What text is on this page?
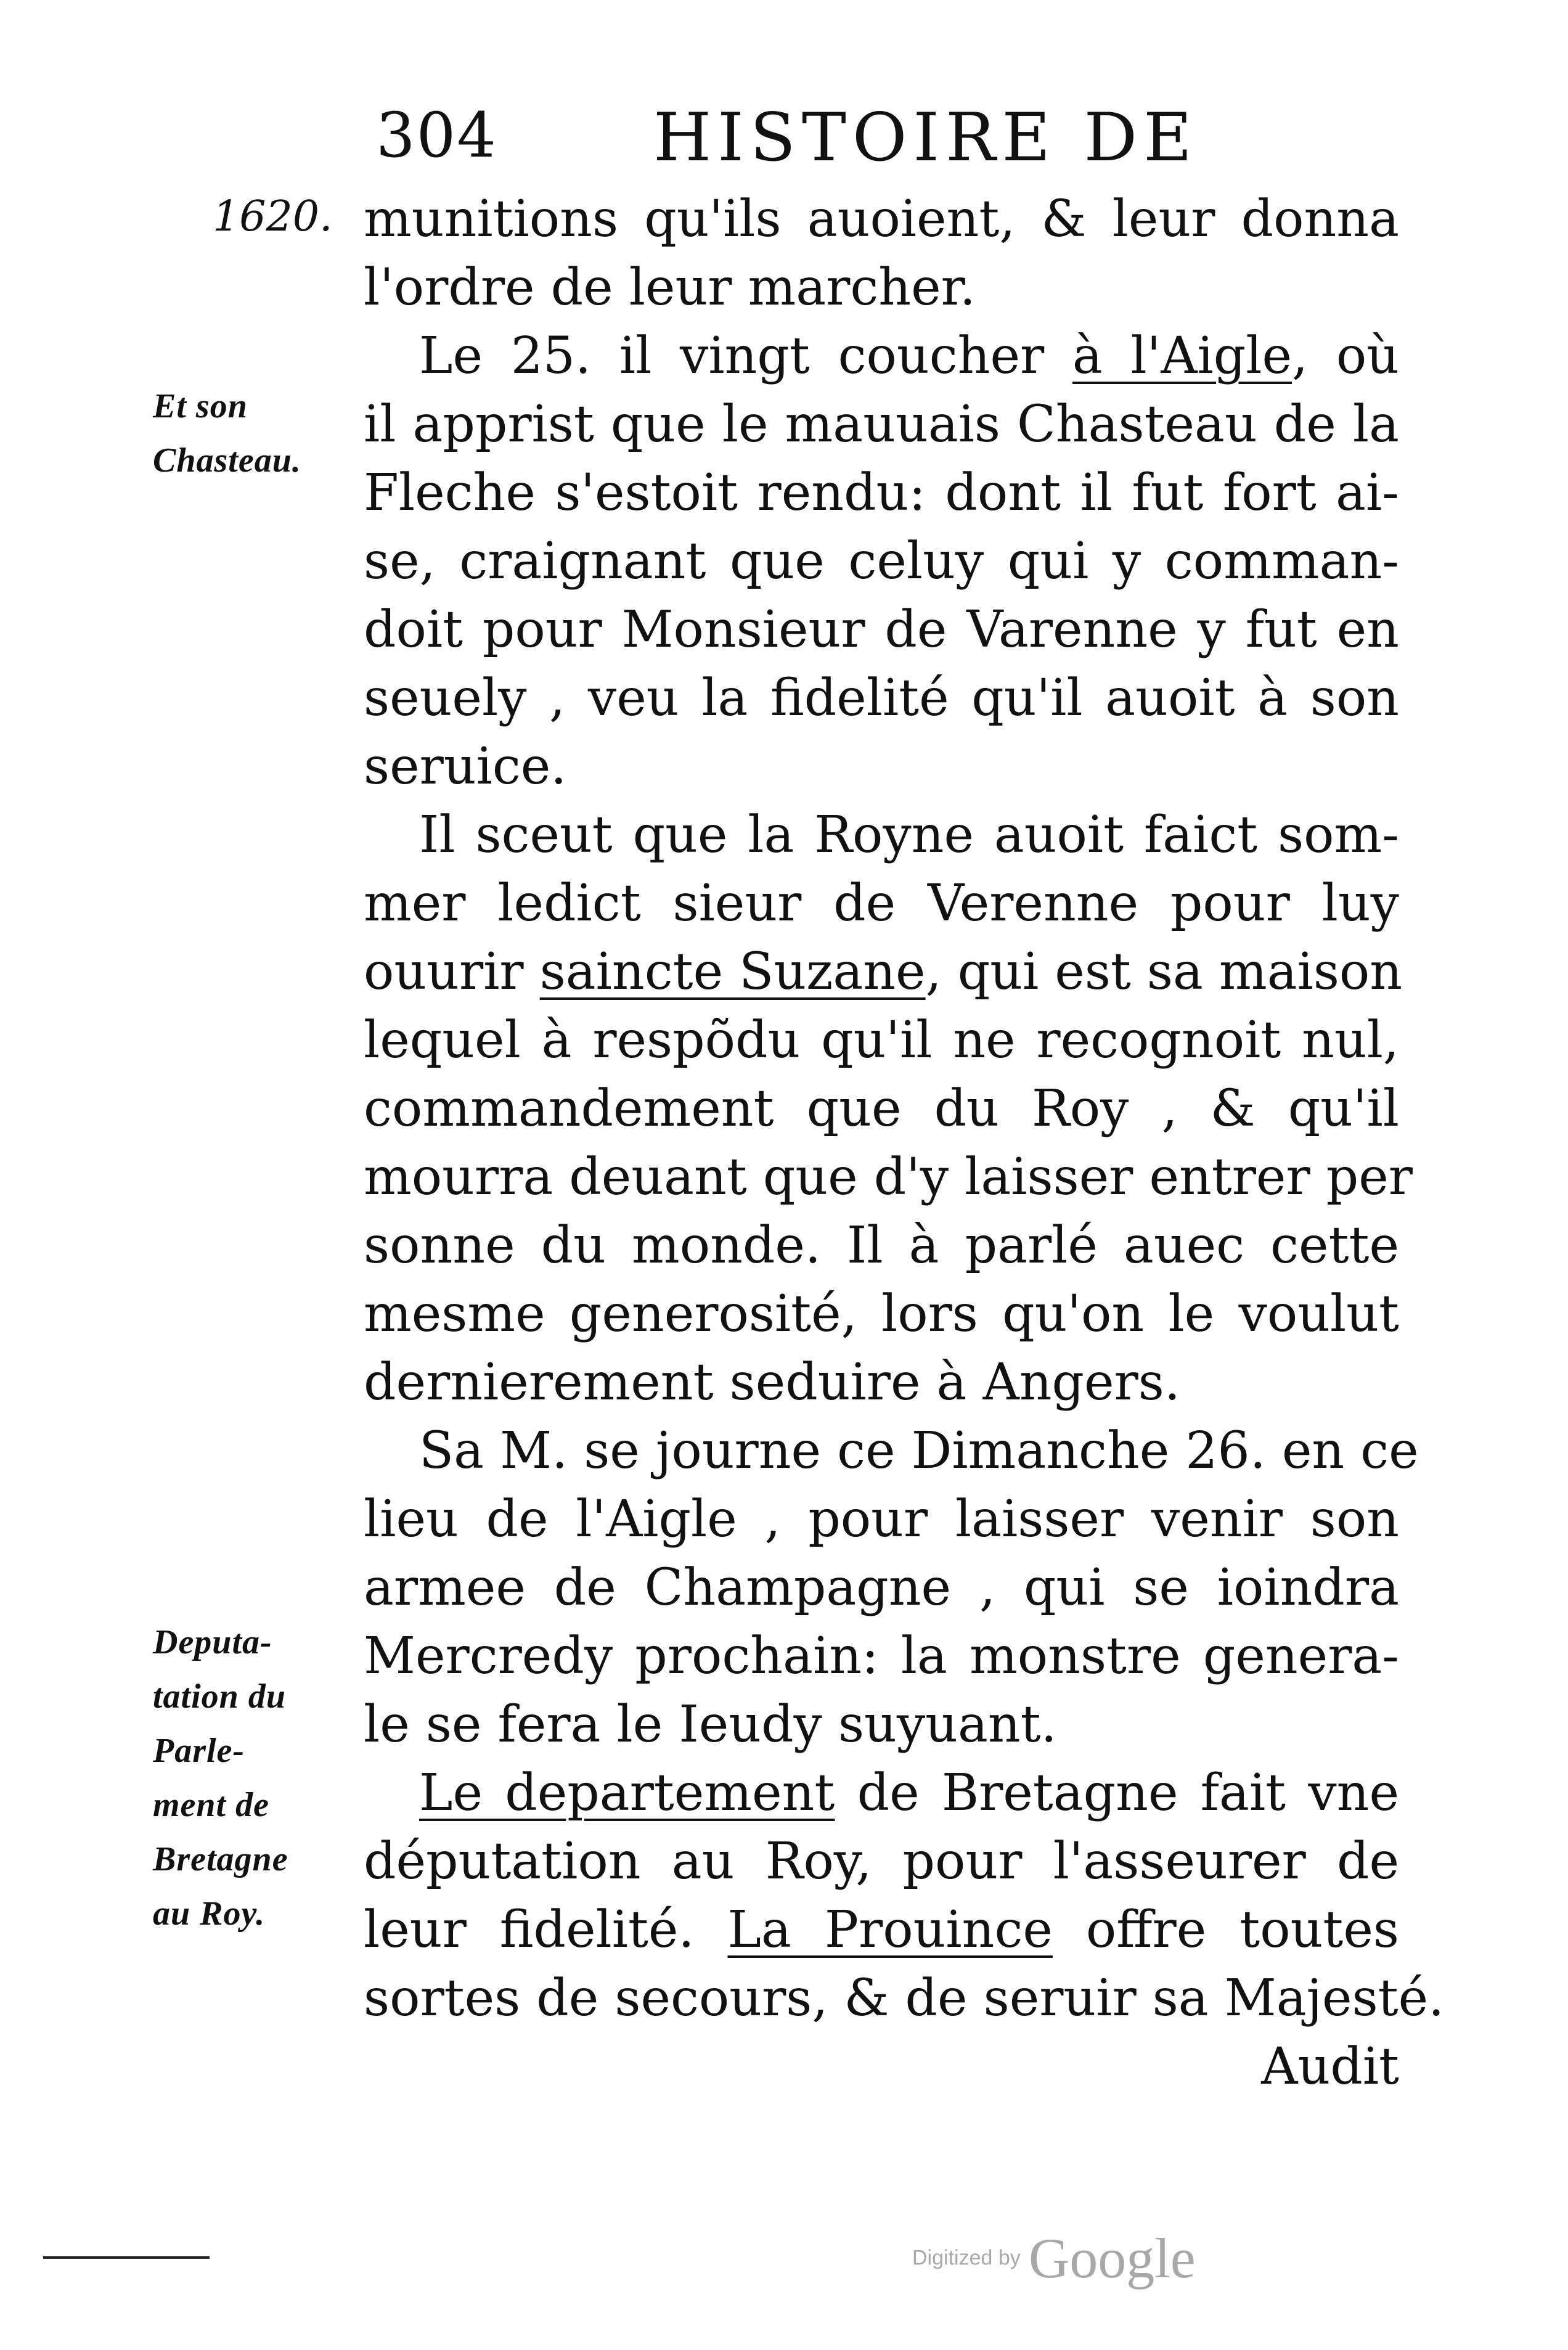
304 HISTOIRE DE
1620.
Et son
Chasteau.
Deputa-
tation du
Parle-
ment de
Bretagne
au Roy.
munitions qu'ils auoient, & leur donna
l'ordre de leur marcher.
Le 25. il vingt coucher à l'Aigle, où
il apprist que le mauuais Chasteau de la
Fleche s'estoit rendu: dont il fut fort ai-
se, craignant que celuy qui y comman-
doit pour Monsieur de Varenne y fut en
seuely , veu la fidelité qu'il auoit à son
seruice.
Il sceut que la Royne auoit faict som-
mer ledict sieur de Verenne pour luy
ouurir saincte Suzane, qui est sa maison
lequel à respõdu qu'il ne recognoit nul,
commandement que du Roy , & qu'il
mourra deuant que d'y laisser entrer per
sonne du monde. Il à parlé auec cette
mesme generosité, lors qu'on le voulut
dernierement seduire à Angers.
Sa M. se journe ce Dimanche 26. en ce
lieu de l'Aigle , pour laisser venir son
armee de Champagne , qui se ioindra
Mercredy prochain: la monstre genera-
le se fera le Ieudy suyuant.
Le departement de Bretagne fait vne
députation au Roy, pour l'asseurer de
leur fidelité. La Prouince offre toutes
sortes de secours, & de seruir sa Majesté.
Audit
Digitized by Google
